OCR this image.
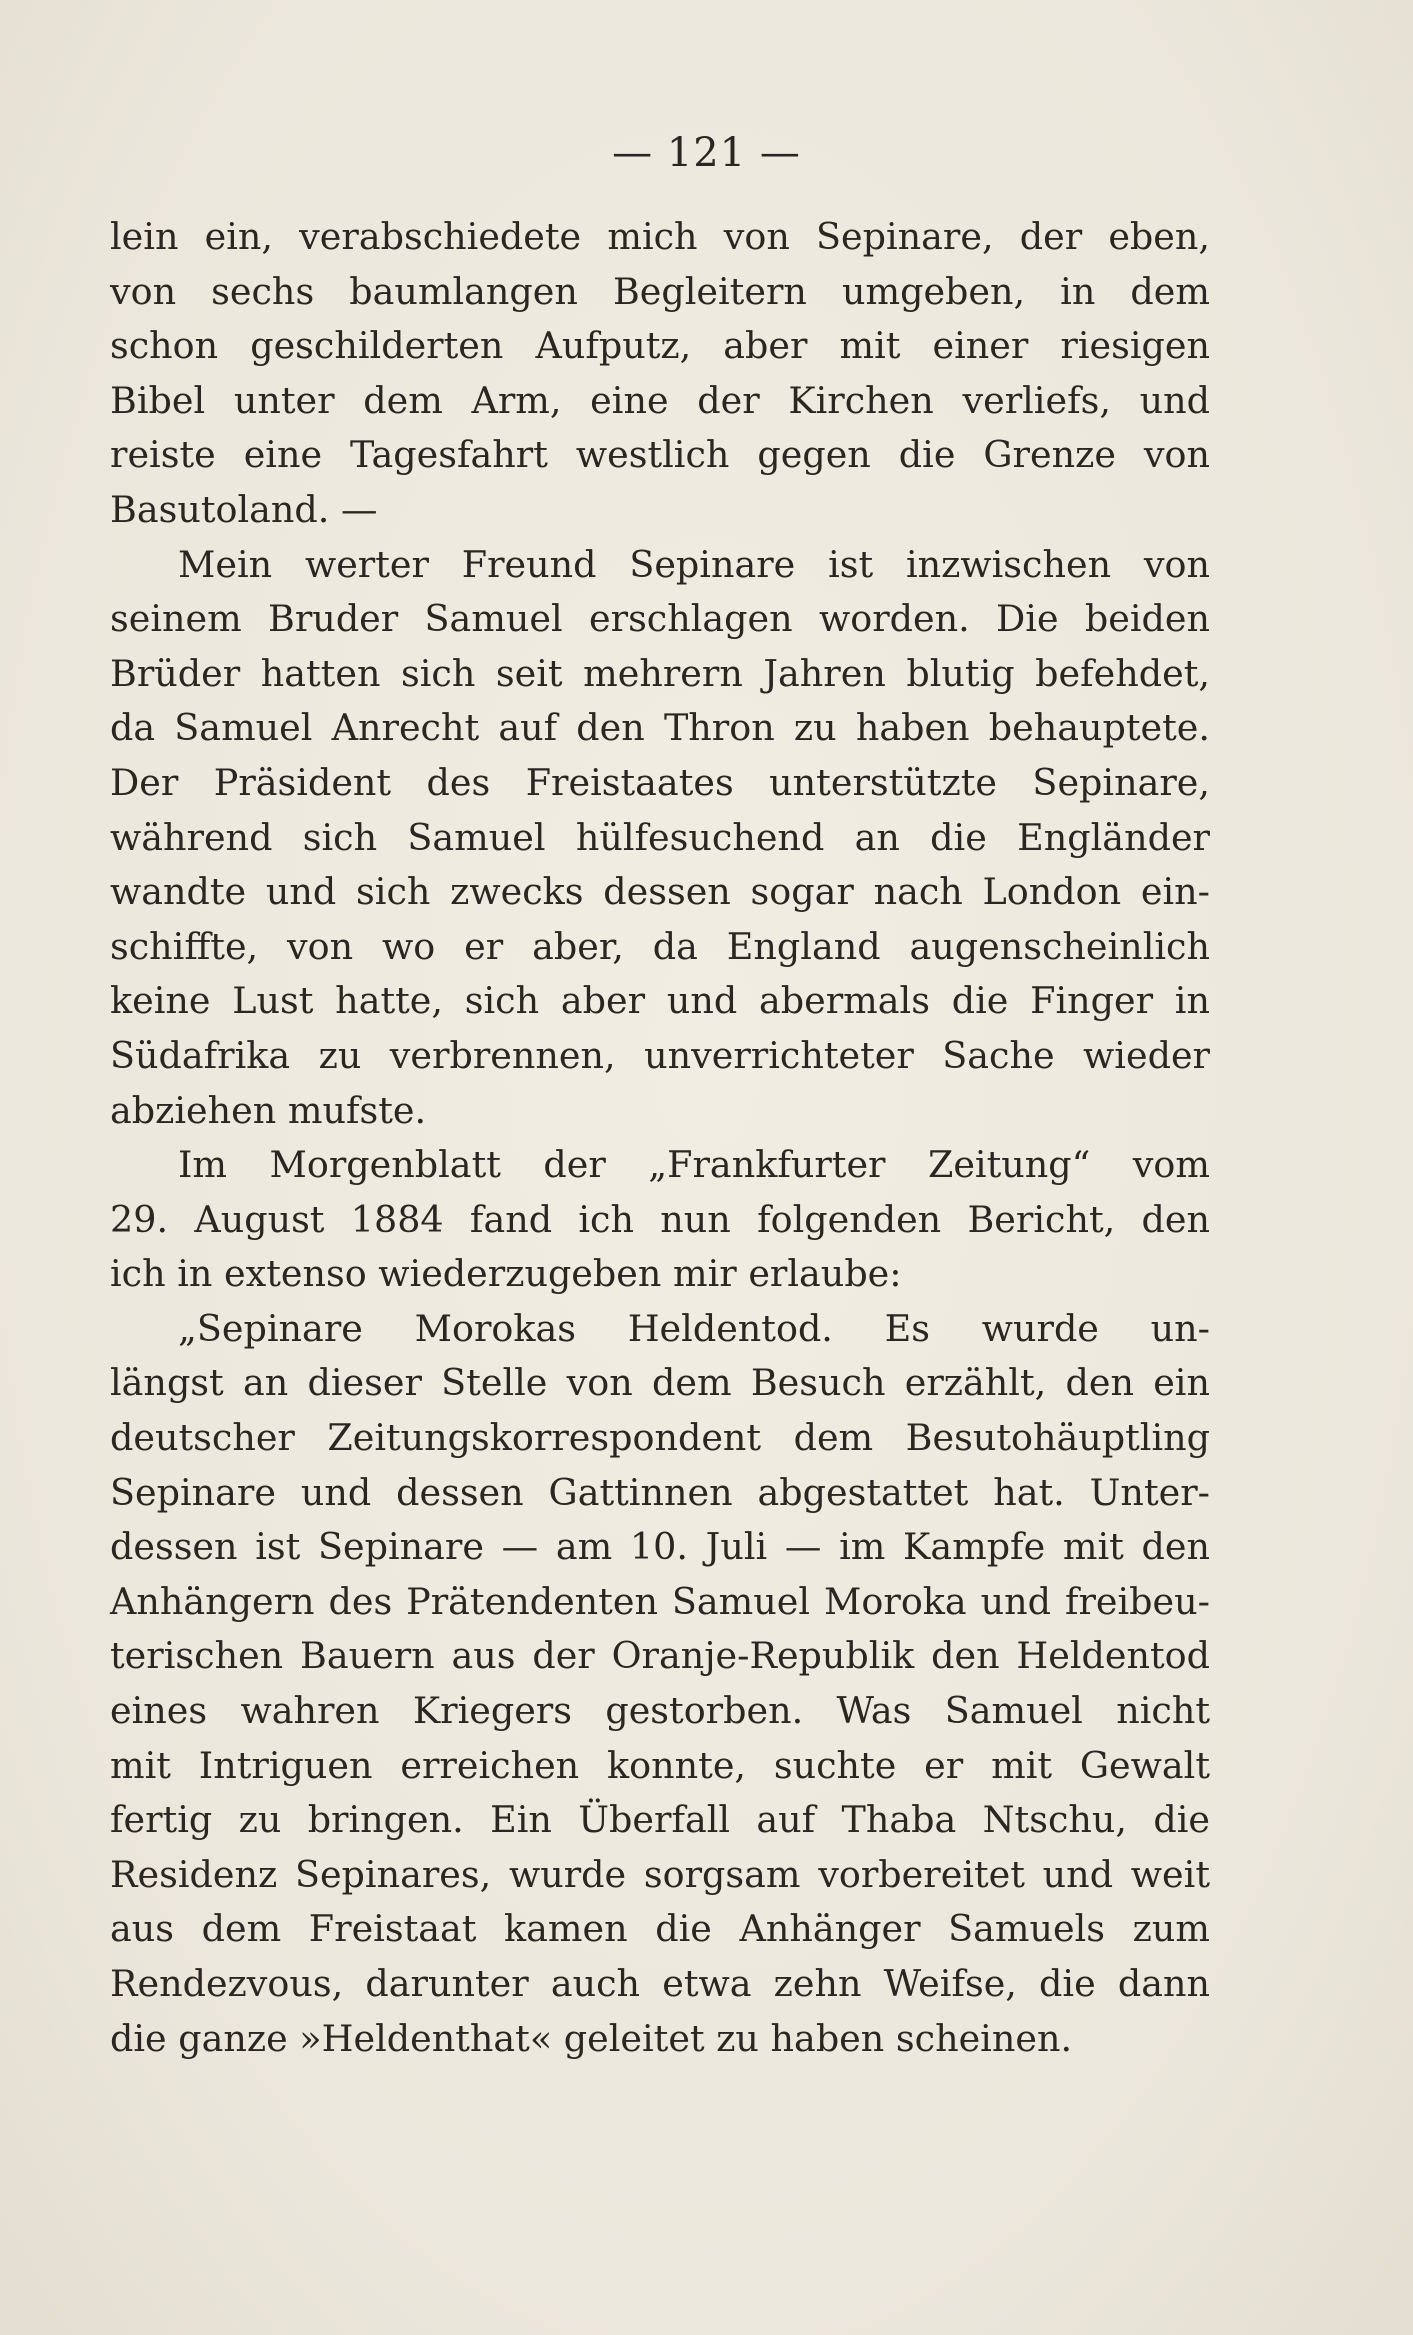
— 121 —
lein ein, verabschiedete mich von Sepinare, der eben,
von sechs baumlangen Begleitern umgeben, in dem
schon geschilderten Aufputz, aber mit einer riesigen
Bibel unter dem Arm, eine der Kirchen verliefs, und
reiste eine Tagesfahrt westlich gegen die Grenze von
Basutoland. —
Mein werter Freund Sepinare ist inzwischen von
seinem Bruder Samuel erschlagen worden. Die beiden
Brüder hatten sich seit mehrern Jahren blutig befehdet,
da Samuel Anrecht auf den Thron zu haben behauptete.
Der Präsident des Freistaates unterstützte Sepinare,
während sich Samuel hülfesuchend an die Engländer
wandte und sich zwecks dessen sogar nach London ein-
schiffte, von wo er aber, da England augenscheinlich
keine Lust hatte, sich aber und abermals die Finger in
Südafrika zu verbrennen, unverrichteter Sache wieder
abziehen mufste.
Im Morgenblatt der „Frankfurter Zeitung“ vom
29. August 1884 fand ich nun folgenden Bericht, den
ich in extenso wiederzugeben mir erlaube:
„Sepinare Morokas Heldentod. Es wurde un-
längst an dieser Stelle von dem Besuch erzählt, den ein
deutscher Zeitungskorrespondent dem Besutohäuptling
Sepinare und dessen Gattinnen abgestattet hat. Unter-
dessen ist Sepinare — am 10. Juli — im Kampfe mit den
Anhängern des Prätendenten Samuel Moroka und freibeu-
terischen Bauern aus der Oranje-Republik den Heldentod
eines wahren Kriegers gestorben. Was Samuel nicht
mit Intriguen erreichen konnte, suchte er mit Gewalt
fertig zu bringen. Ein Überfall auf Thaba Ntschu, die
Residenz Sepinares, wurde sorgsam vorbereitet und weit
aus dem Freistaat kamen die Anhänger Samuels zum
Rendezvous, darunter auch etwa zehn Weifse, die dann
die ganze »Heldenthat« geleitet zu haben scheinen.
